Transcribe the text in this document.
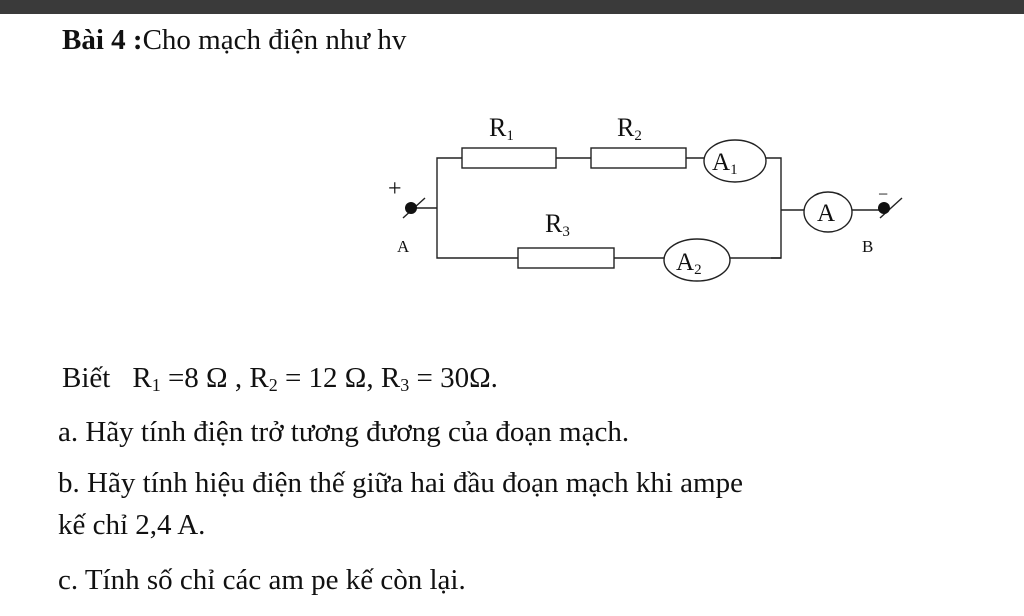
Bài 4 :Cho mạch điện như hv
R1	R2
R3
A1
A2
A
+	−
A	B
Biết $R_1 =8$ Ω , $R_2 = 12$ Ω, $R_3 = 30\Omega$.
a. Hãy tính điện trở tương đương của đoạn mạch.
b. Hãy tính hiệu điện thế giữa hai đầu đoạn mạch khi ampe
kế chỉ 2,4 A.
c. Tính số chỉ các am pe kế còn lại.
